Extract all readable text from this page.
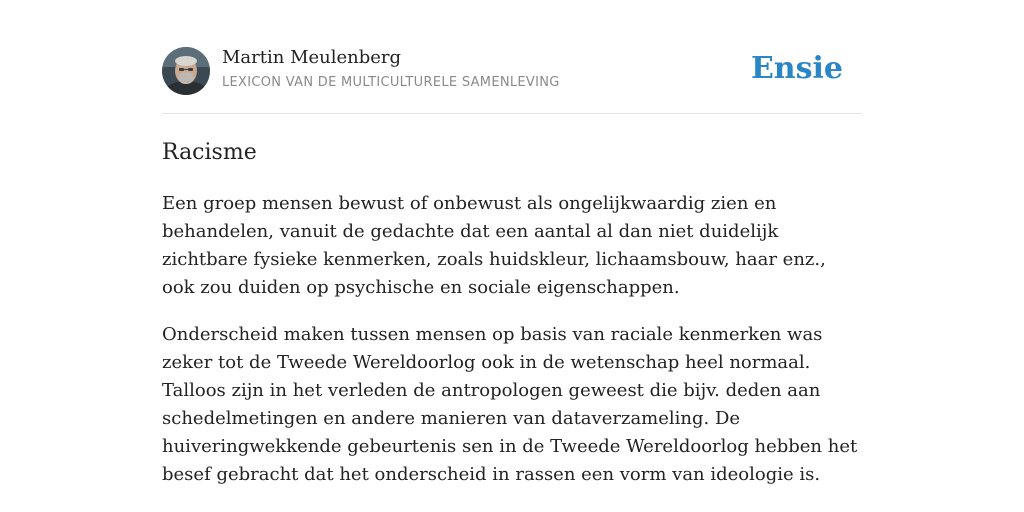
Martin Meulenberg
LEXICON VAN DE MULTICULTURELE SAMENLEVING	Ensie
Racisme

Een groep mensen bewust of onbewust als ongelijkwaardig zien en behandelen, vanuit de gedachte dat een aantal al dan niet duidelijk zichtbare fysieke kenmerken, zoals huidskleur, lichaamsbouw, haar enz., ook zou duiden op psychische en sociale eigenschappen.

Onderscheid maken tussen mensen op basis van raciale kenmerken was zeker tot de Tweede Wereldoorlog ook in de wetenschap heel normaal. Talloos zijn in het verleden de antropologen geweest die bijv. deden aan schedelmetingen en andere manieren van dataverzameling. De huiveringwekkende gebeurtenis sen in de Tweede Wereldoorlog hebben het besef gebracht dat het onderscheid in rassen een vorm van ideologie is.
